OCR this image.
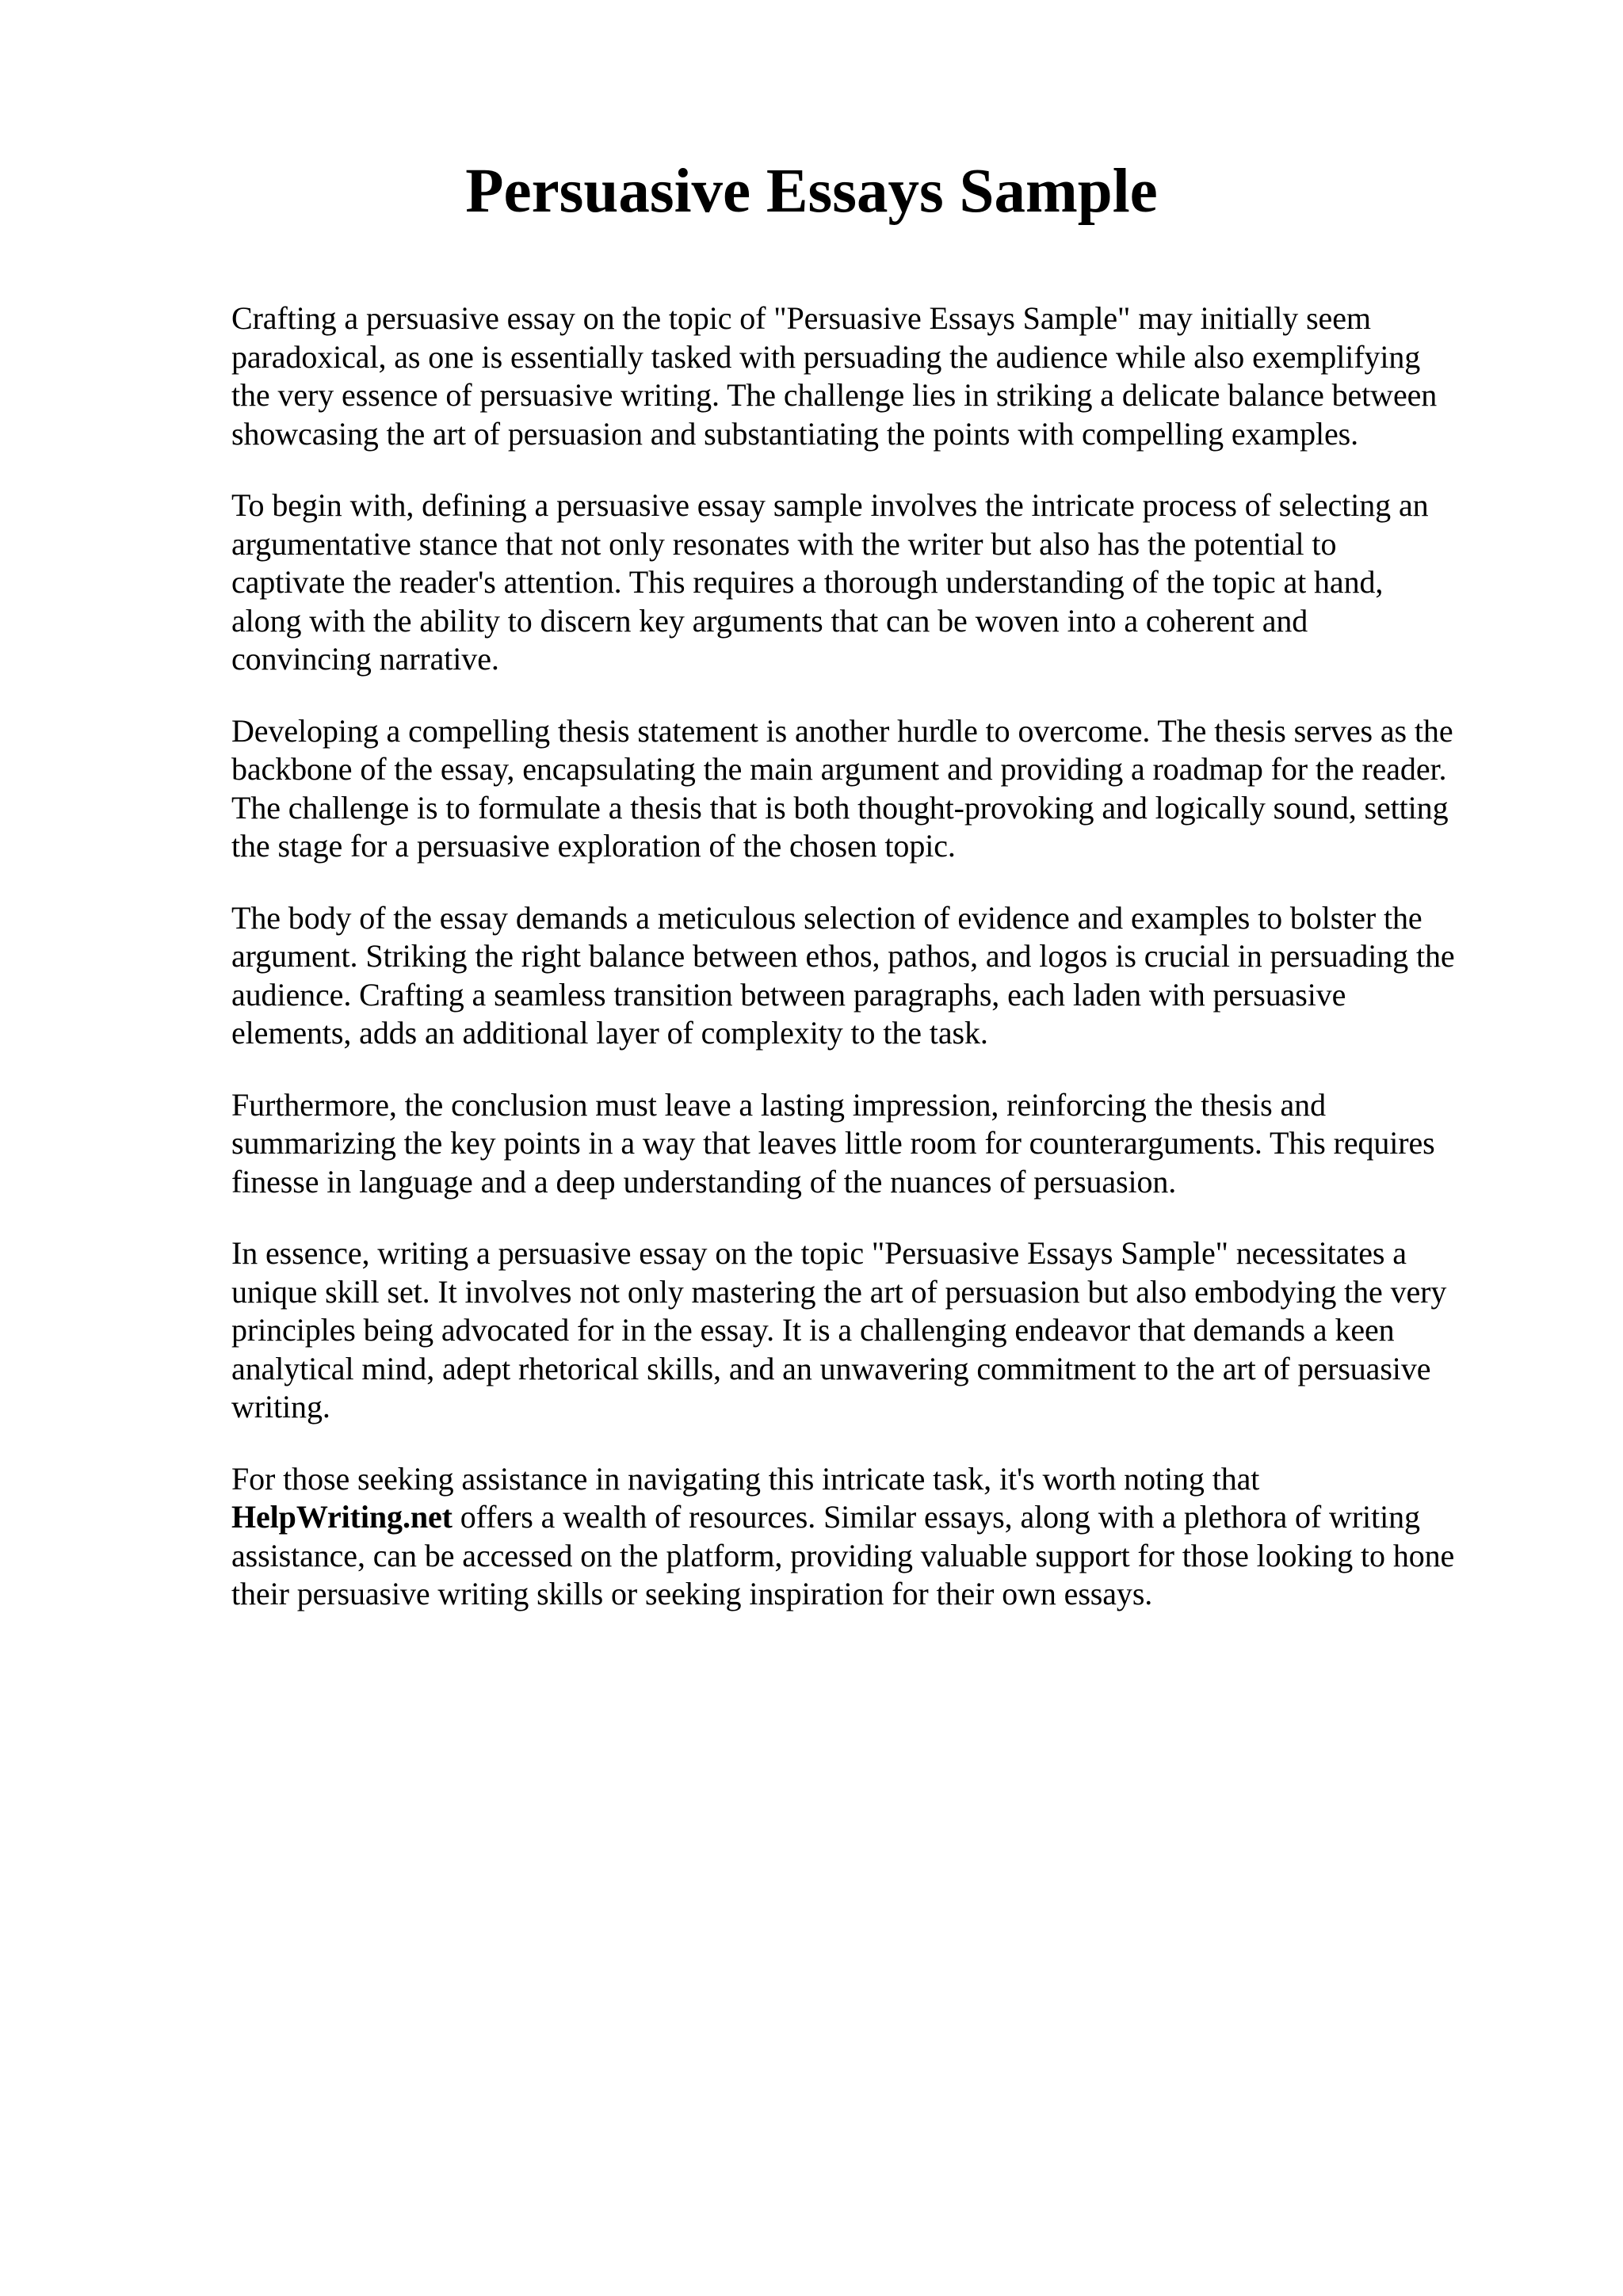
Persuasive Essays Sample

Crafting a persuasive essay on the topic of "Persuasive Essays Sample" may initially seem
paradoxical, as one is essentially tasked with persuading the audience while also exemplifying
the very essence of persuasive writing. The challenge lies in striking a delicate balance between
showcasing the art of persuasion and substantiating the points with compelling examples.

To begin with, defining a persuasive essay sample involves the intricate process of selecting an
argumentative stance that not only resonates with the writer but also has the potential to
captivate the reader's attention. This requires a thorough understanding of the topic at hand,
along with the ability to discern key arguments that can be woven into a coherent and
convincing narrative.

Developing a compelling thesis statement is another hurdle to overcome. The thesis serves as the
backbone of the essay, encapsulating the main argument and providing a roadmap for the reader.
The challenge is to formulate a thesis that is both thought-provoking and logically sound, setting
the stage for a persuasive exploration of the chosen topic.

The body of the essay demands a meticulous selection of evidence and examples to bolster the
argument. Striking the right balance between ethos, pathos, and logos is crucial in persuading the
audience. Crafting a seamless transition between paragraphs, each laden with persuasive
elements, adds an additional layer of complexity to the task.

Furthermore, the conclusion must leave a lasting impression, reinforcing the thesis and
summarizing the key points in a way that leaves little room for counterarguments. This requires
finesse in language and a deep understanding of the nuances of persuasion.

In essence, writing a persuasive essay on the topic "Persuasive Essays Sample" necessitates a
unique skill set. It involves not only mastering the art of persuasion but also embodying the very
principles being advocated for in the essay. It is a challenging endeavor that demands a keen
analytical mind, adept rhetorical skills, and an unwavering commitment to the art of persuasive
writing.

For those seeking assistance in navigating this intricate task, it's worth noting that
HelpWriting.net offers a wealth of resources. Similar essays, along with a plethora of writing
assistance, can be accessed on the platform, providing valuable support for those looking to hone
their persuasive writing skills or seeking inspiration for their own essays.
